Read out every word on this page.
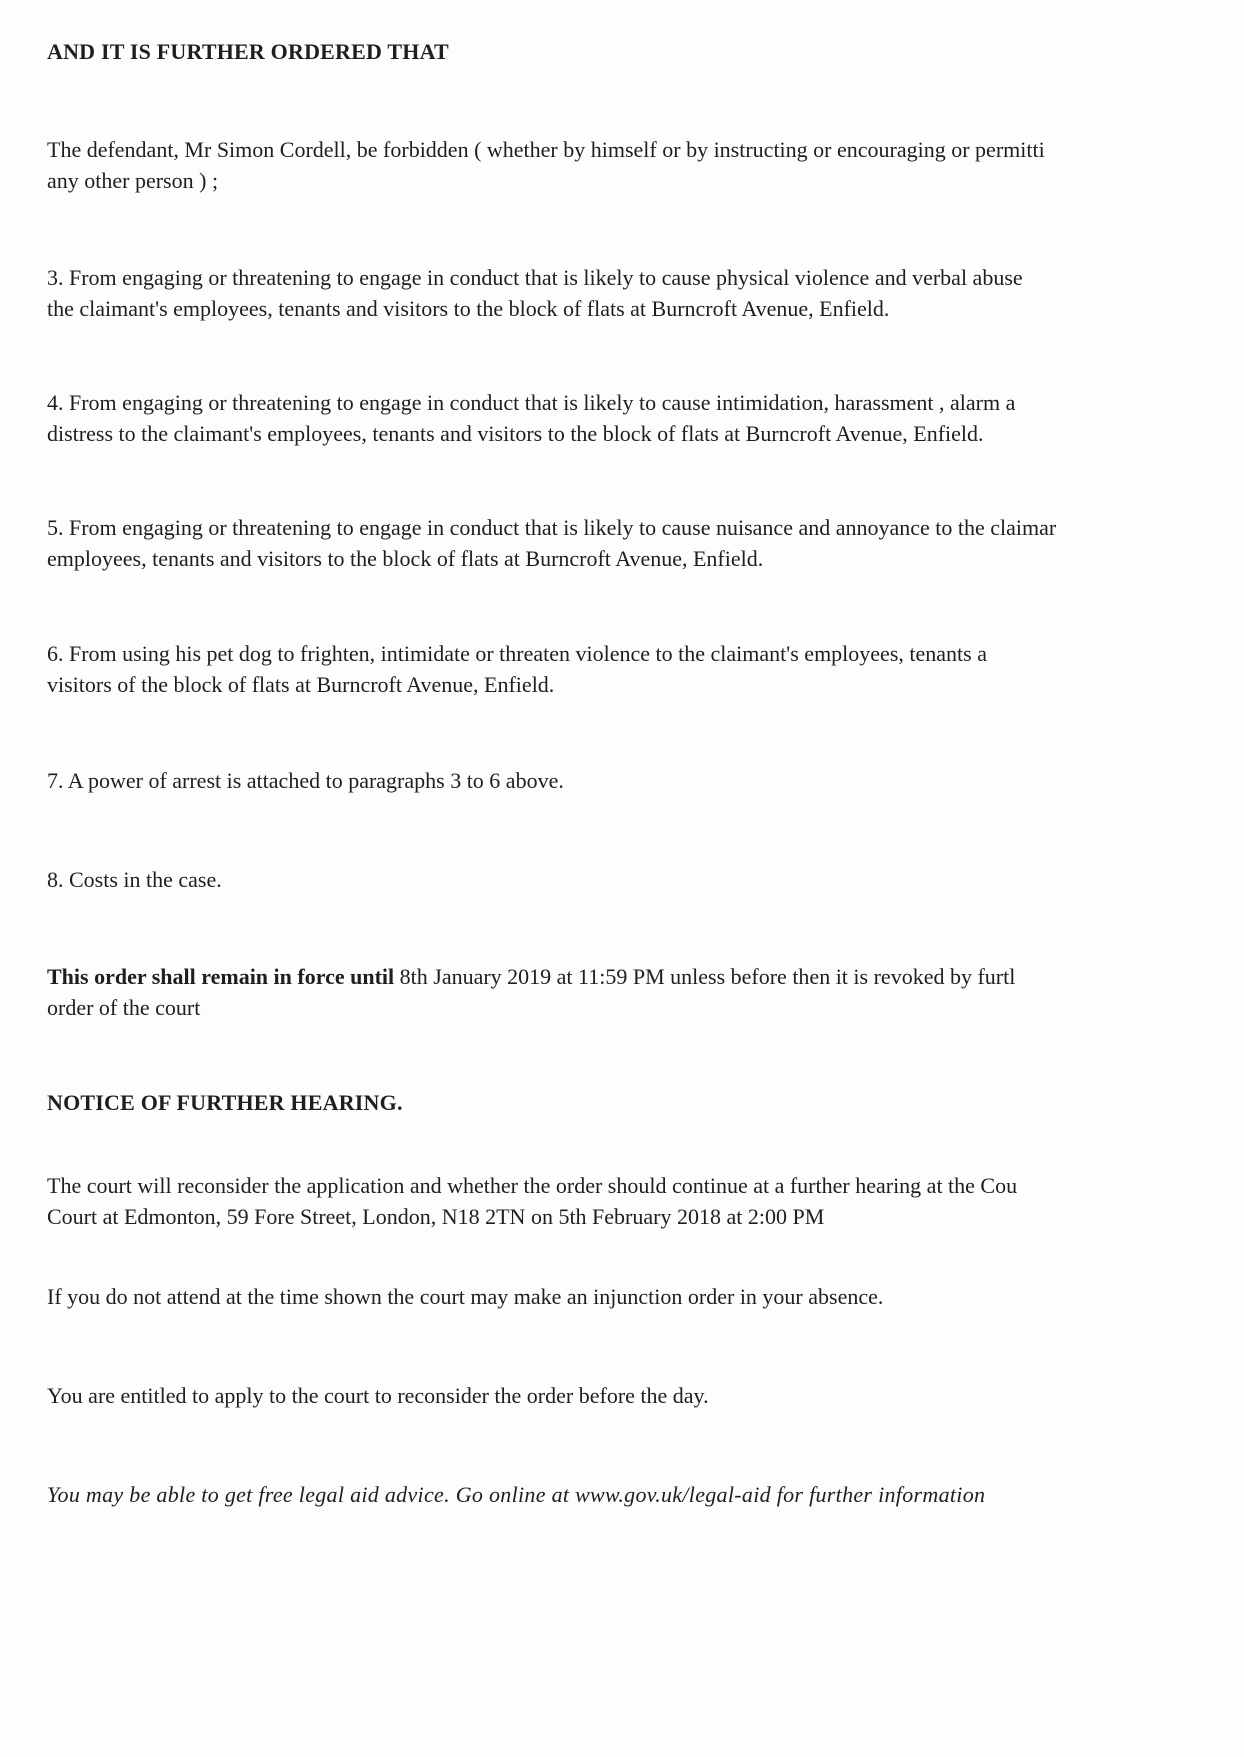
AND IT IS FURTHER ORDERED THAT

The defendant, Mr Simon Cordell, be forbidden ( whether by himself or by instructing or encouraging or permitti
any other person ) ;

3. From engaging or threatening to engage in conduct that is likely to cause physical violence and verbal abuse
the claimant's employees, tenants and visitors to the block of flats at Burncroft Avenue, Enfield.

4. From engaging or threatening to engage in conduct that is likely to cause intimidation, harassment , alarm a
distress to the claimant's employees, tenants and visitors to the block of flats at Burncroft Avenue, Enfield.

5. From engaging or threatening to engage in conduct that is likely to cause nuisance and annoyance to the claimar
employees, tenants and visitors to the block of flats at Burncroft Avenue, Enfield.

6. From using his pet dog to frighten, intimidate or threaten violence to the claimant's employees, tenants a
visitors of the block of flats at Burncroft Avenue, Enfield.

7. A power of arrest is attached to paragraphs 3 to 6 above.

8. Costs in the case.

This order shall remain in force until 8th January 2019 at 11:59 PM unless before then it is revoked by furtl
order of the court

NOTICE OF FURTHER HEARING.

The court will reconsider the application and whether the order should continue at a further hearing at the Cou
Court at Edmonton, 59 Fore Street, London, N18 2TN on 5th February 2018 at 2:00 PM

If you do not attend at the time shown the court may make an injunction order in your absence.

You are entitled to apply to the court to reconsider the order before the day.

You may be able to get free legal aid advice. Go online at www.gov.uk/legal-aid for further information
